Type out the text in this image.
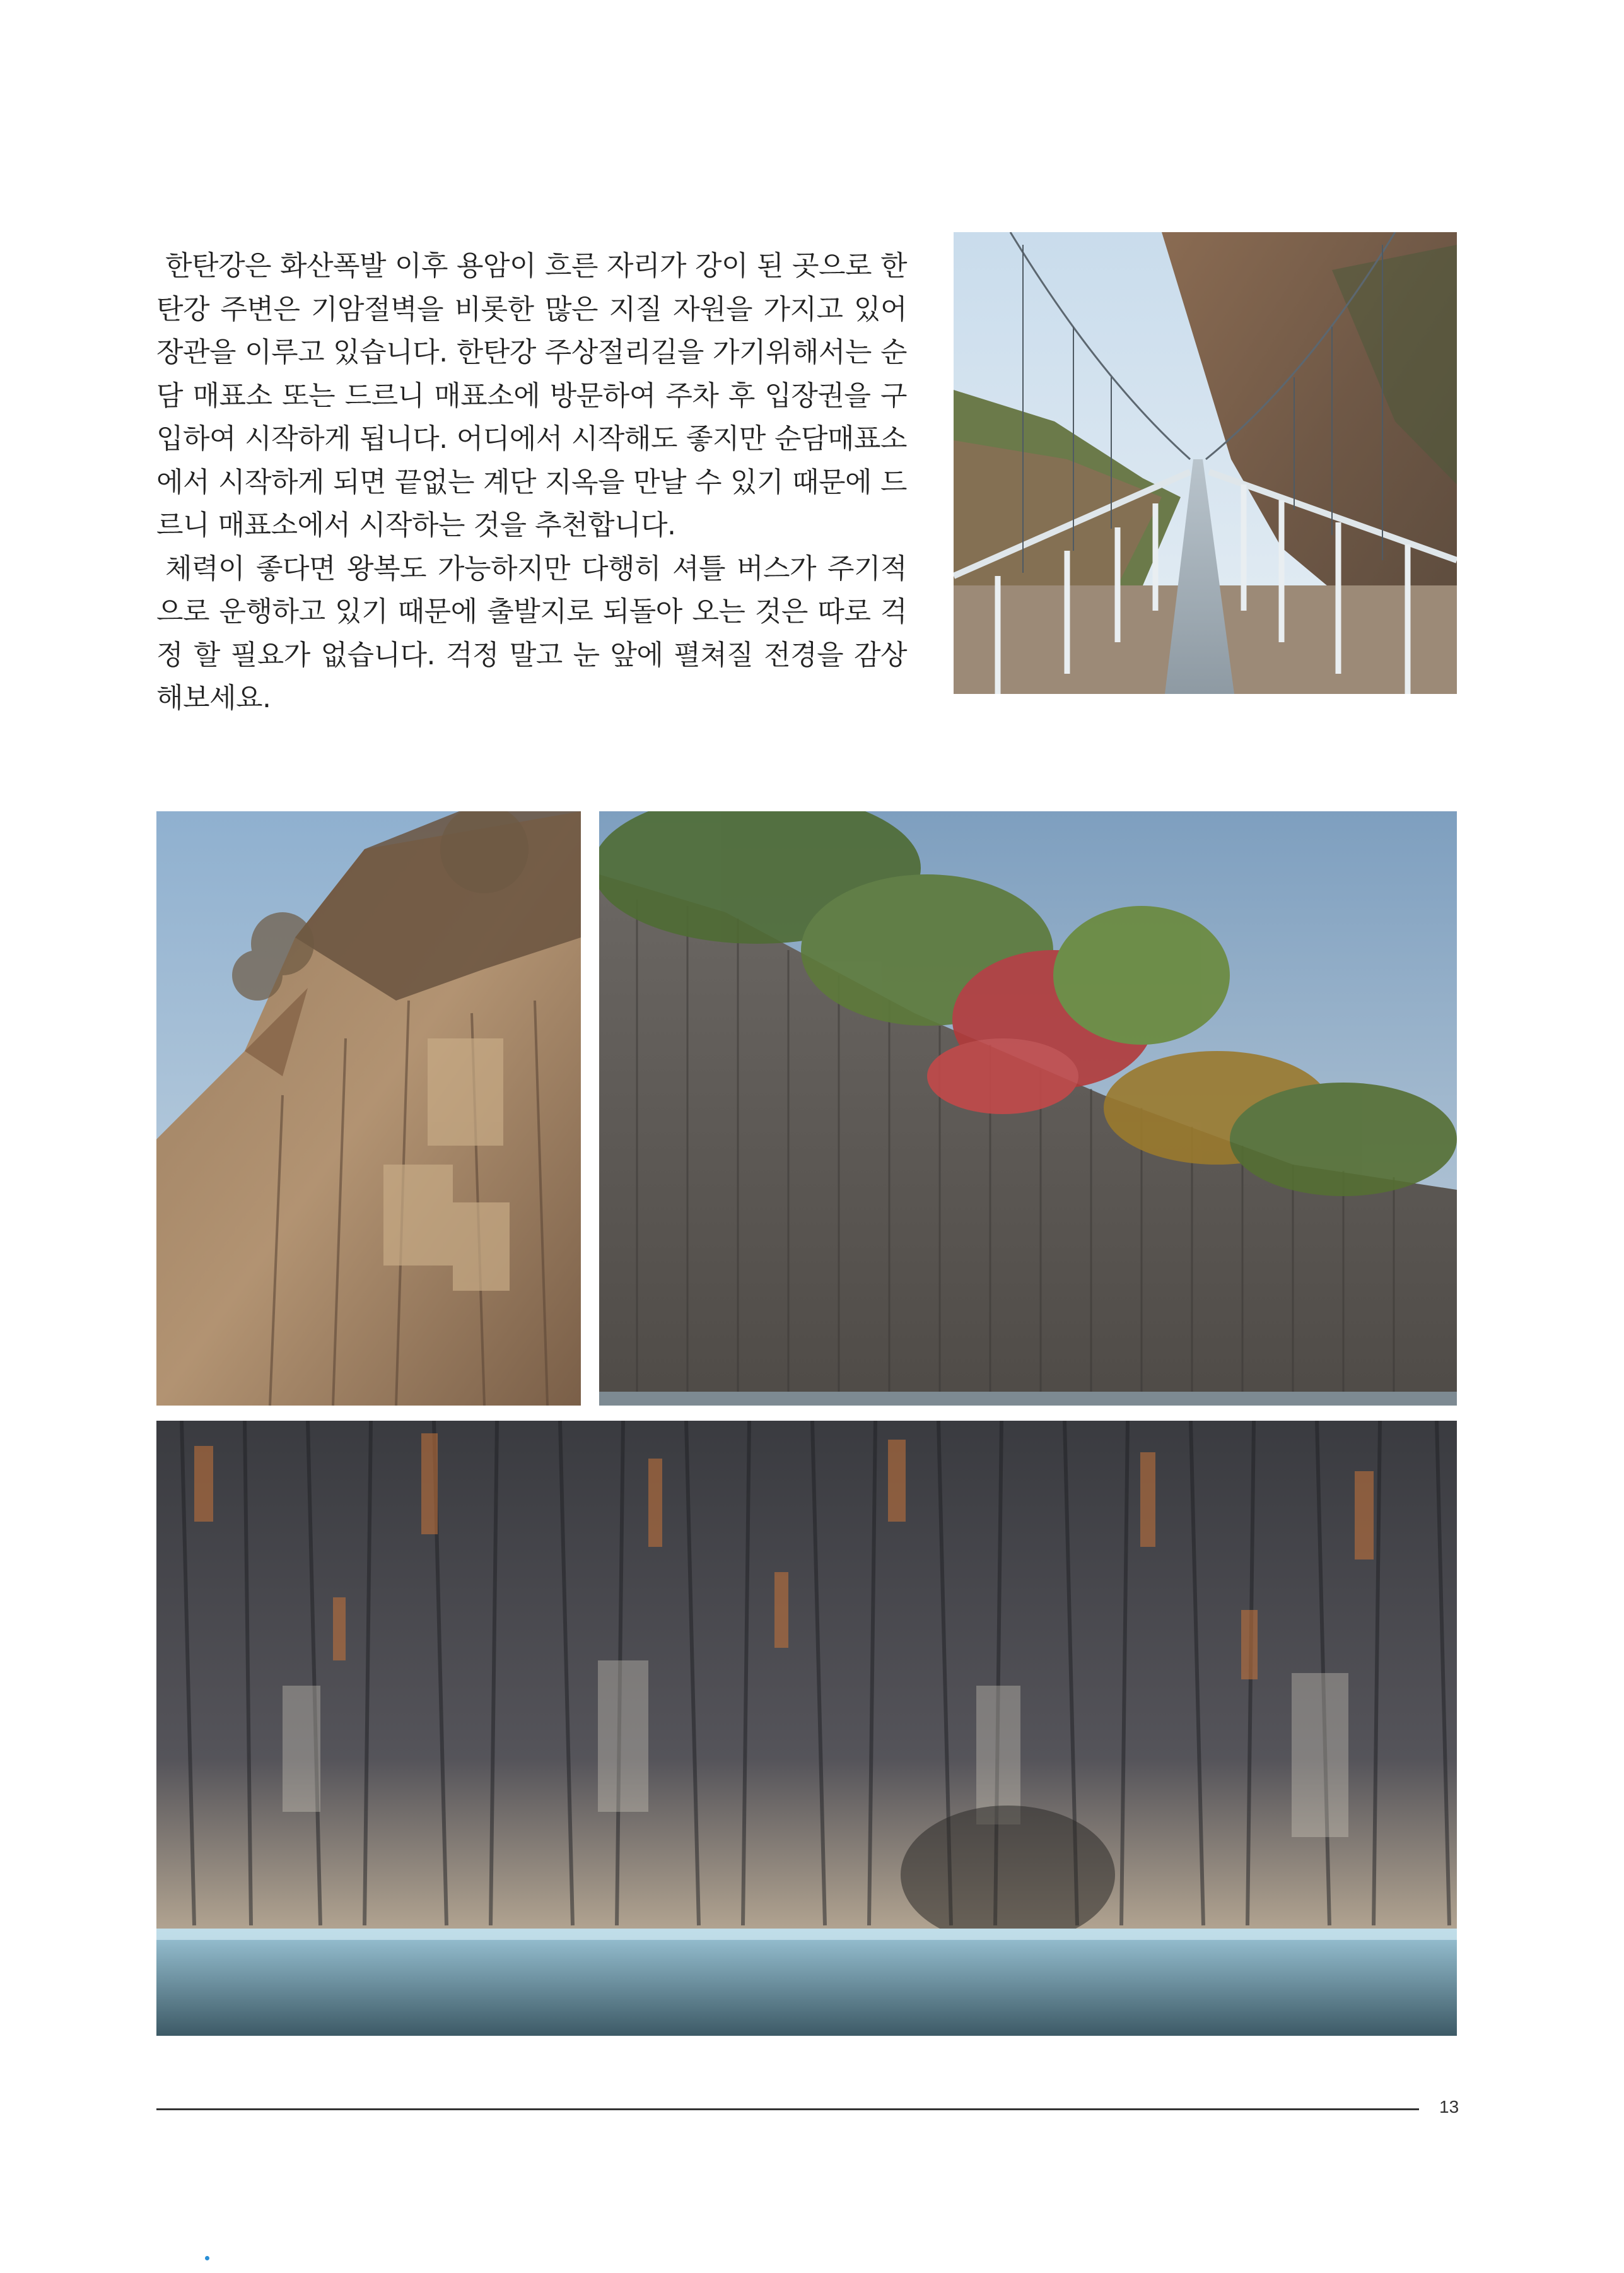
한탄강은 화산폭발 이후 용암이 흐른 자리가 강이 된 곳으로 한탄강 주변은 기암절벽을 비롯한 많은 지질 자원을 가지고 있어 장관을 이루고 있습니다. 한탄강 주상절리길을 가기위해서는 순담 매표소 또는 드르니 매표소에 방문하여 주차 후 입장권을 구입하여 시작하게 됩니다. 어디에서 시작해도 좋지만 순담매표소에서 시작하게 되면 끝없는 계단 지옥을 만날 수 있기 때문에 드르니 매표소에서 시작하는 것을 추천합니다.

체력이 좋다면 왕복도 가능하지만 다행히 셔틀 버스가 주기적으로 운행하고 있기 때문에 출발지로 되돌아 오는 것은 따로 걱정 할 필요가 없습니다. 걱정 말고 눈 앞에 펼쳐질 전경을 감상해보세요.

13
